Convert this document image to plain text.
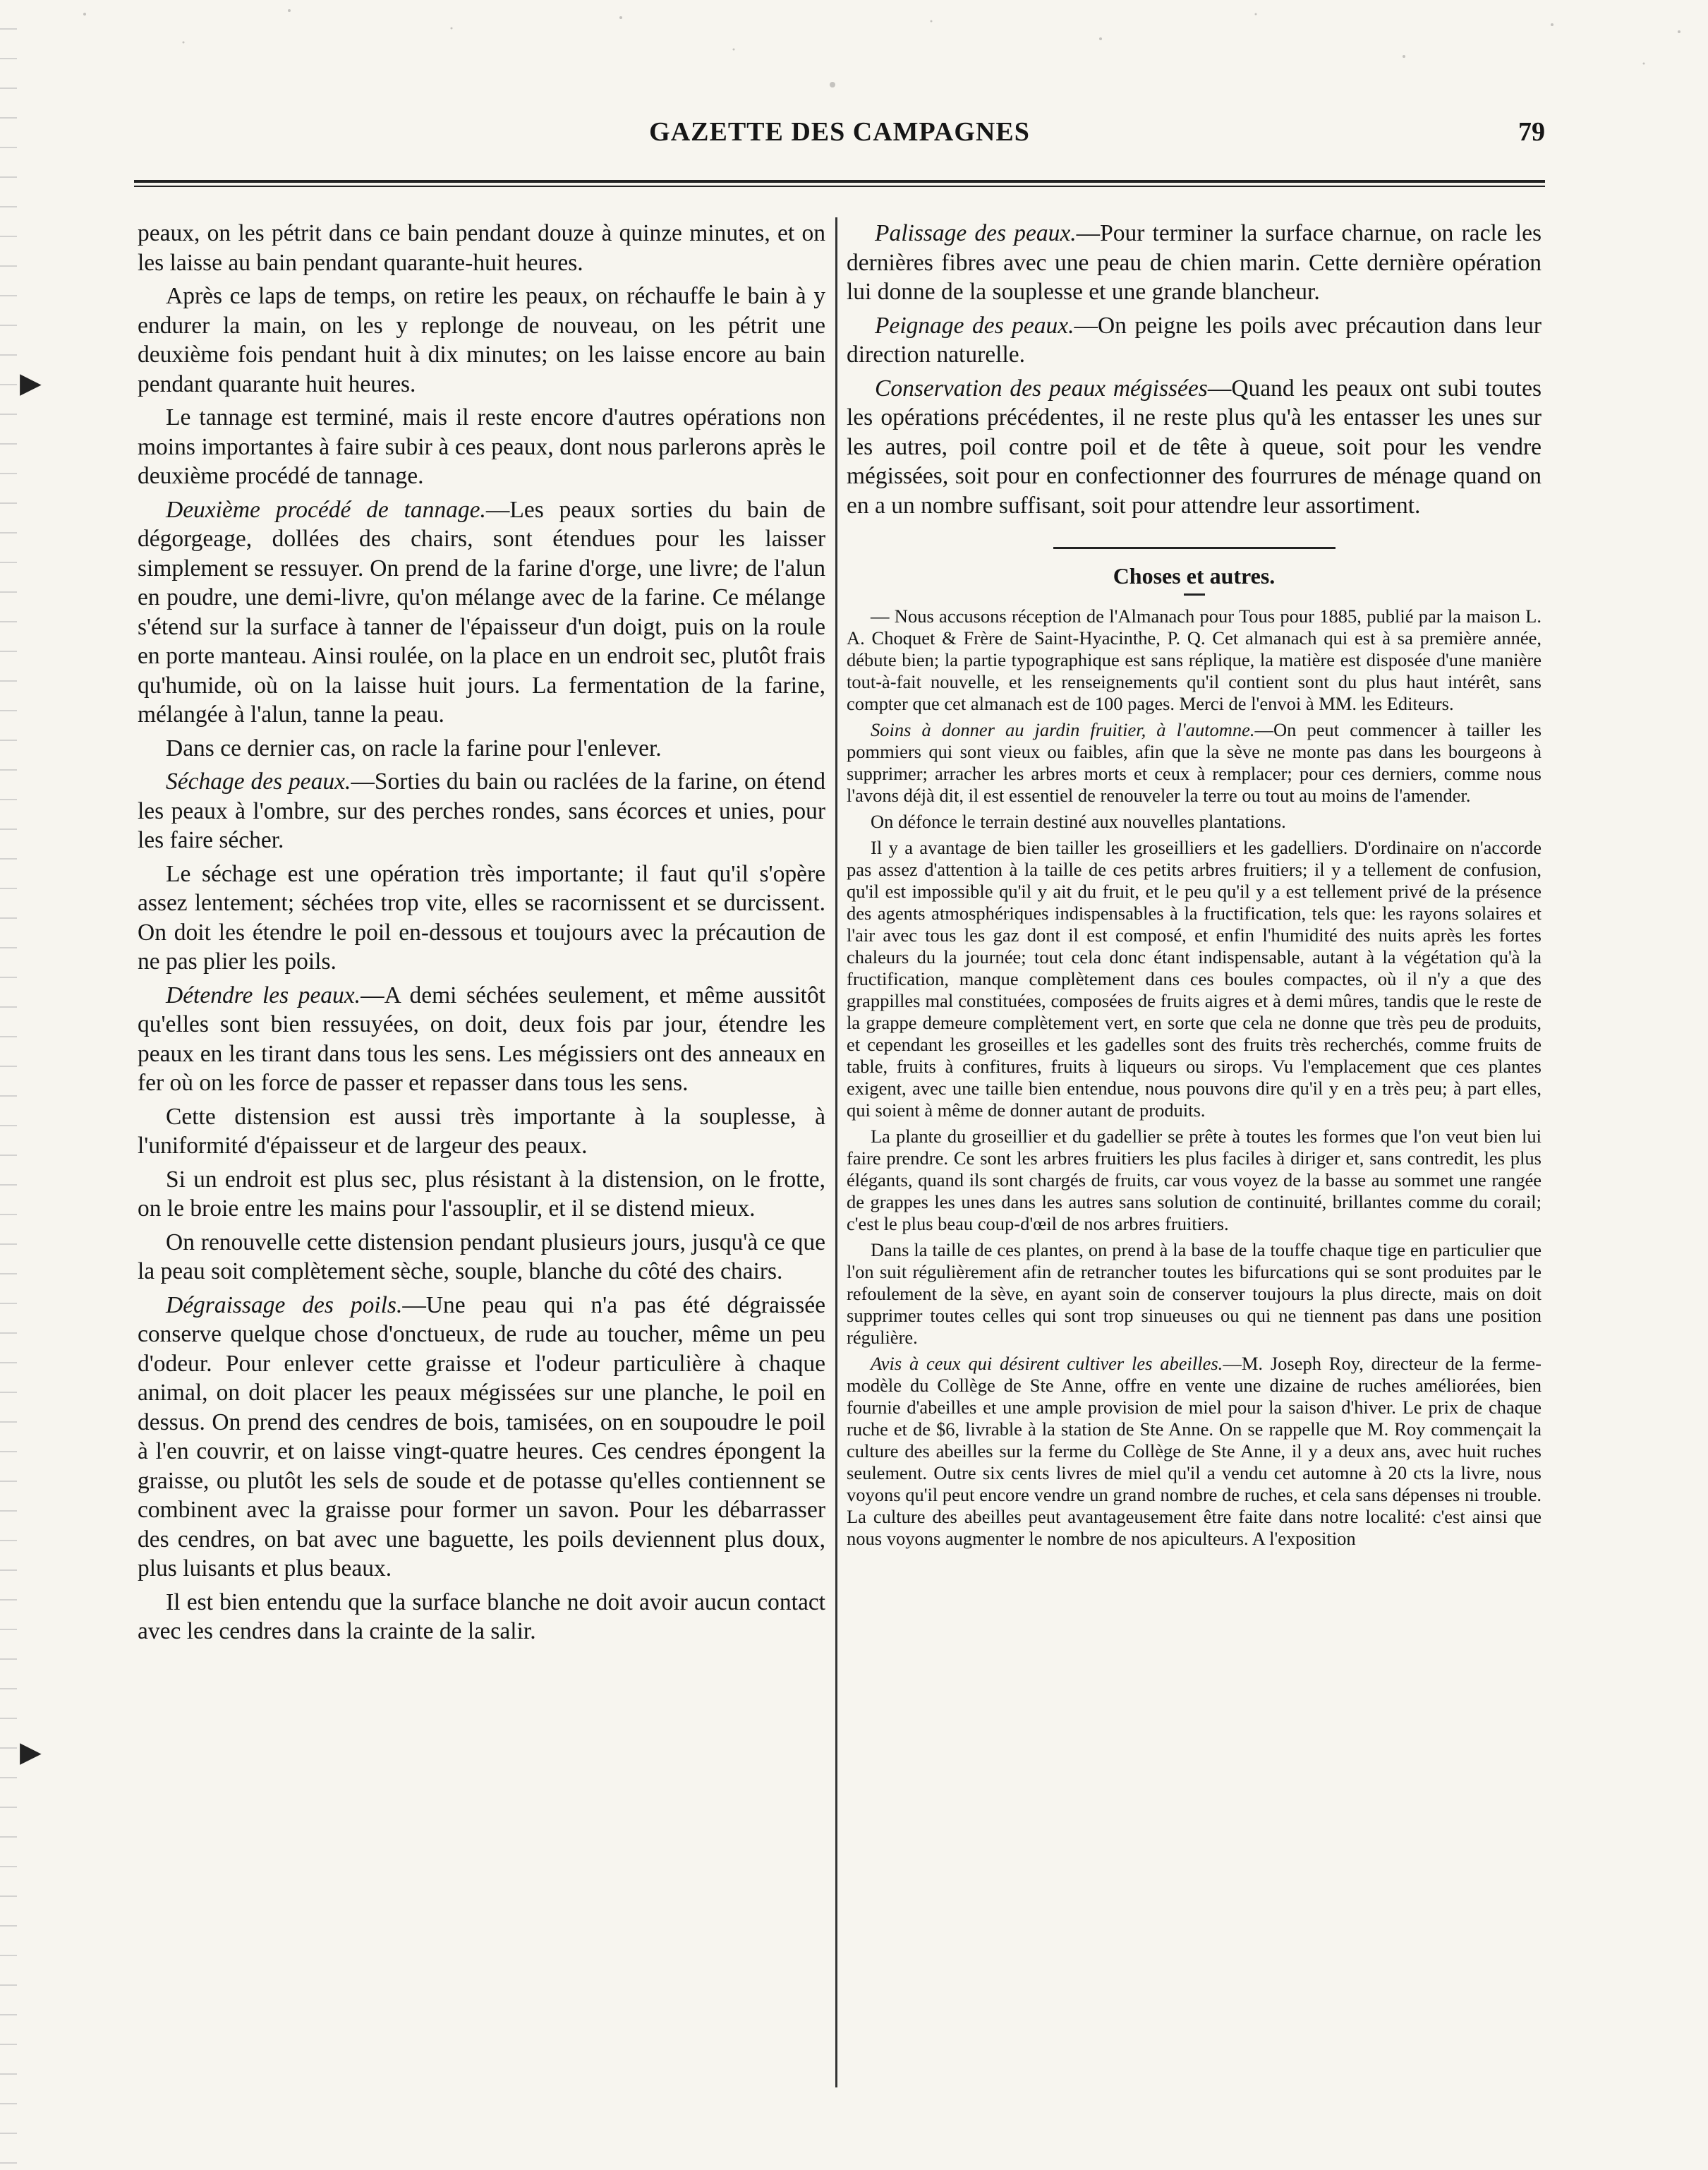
GAZETTE DES CAMPAGNES	79
▶
▶

peaux, on les pétrit dans ce bain pendant douze à quinze minutes, et on les laisse au bain pendant quarante-huit heures.

Après ce laps de temps, on retire les peaux, on réchauffe le bain à y endurer la main, on les y replonge de nouveau, on les pétrit une deuxième fois pendant huit à dix minutes; on les laisse encore au bain pendant quarante huit heures.

Le tannage est terminé, mais il reste encore d'autres opérations non moins importantes à faire subir à ces peaux, dont nous parlerons après le deuxième procédé de tannage.

Deuxième procédé de tannage.—Les peaux sorties du bain de dégorgeage, dollées des chairs, sont étendues pour les laisser simplement se ressuyer. On prend de la farine d'orge, une livre; de l'alun en poudre, une demi-livre, qu'on mélange avec de la farine. Ce mélange s'étend sur la surface à tanner de l'épaisseur d'un doigt, puis on la roule en porte manteau. Ainsi roulée, on la place en un endroit sec, plutôt frais qu'humide, où on la laisse huit jours. La fermentation de la farine, mélangée à l'alun, tanne la peau.

Dans ce dernier cas, on racle la farine pour l'enlever.

Séchage des peaux.—Sorties du bain ou raclées de la farine, on étend les peaux à l'ombre, sur des perches rondes, sans écorces et unies, pour les faire sécher.

Le séchage est une opération très importante; il faut qu'il s'opère assez lentement; séchées trop vite, elles se racornissent et se durcissent. On doit les étendre le poil en-dessous et toujours avec la précaution de ne pas plier les poils.

Détendre les peaux.—A demi séchées seulement, et même aussitôt qu'elles sont bien ressuyées, on doit, deux fois par jour, étendre les peaux en les tirant dans tous les sens. Les mégissiers ont des anneaux en fer où on les force de passer et repasser dans tous les sens.

Cette distension est aussi très importante à la souplesse, à l'uniformité d'épaisseur et de largeur des peaux.

Si un endroit est plus sec, plus résistant à la distension, on le frotte, on le broie entre les mains pour l'assouplir, et il se distend mieux.

On renouvelle cette distension pendant plusieurs jours, jusqu'à ce que la peau soit complètement sèche, souple, blanche du côté des chairs.

Dégraissage des poils.—Une peau qui n'a pas été dégraissée conserve quelque chose d'onctueux, de rude au toucher, même un peu d'odeur. Pour enlever cette graisse et l'odeur particulière à chaque animal, on doit placer les peaux mégissées sur une planche, le poil en dessus. On prend des cendres de bois, tamisées, on en soupoudre le poil à l'en couvrir, et on laisse vingt-quatre heures. Ces cendres épongent la graisse, ou plutôt les sels de soude et de potasse qu'elles contiennent se combinent avec la graisse pour former un savon. Pour les débarrasser des cendres, on bat avec une baguette, les poils deviennent plus doux, plus luisants et plus beaux.

Il est bien entendu que la surface blanche ne doit avoir aucun contact avec les cendres dans la crainte de la salir.

Palissage des peaux.—Pour terminer la surface charnue, on racle les dernières fibres avec une peau de chien marin. Cette dernière opération lui donne de la souplesse et une grande blancheur.

Peignage des peaux.—On peigne les poils avec précaution dans leur direction naturelle.

Conservation des peaux mégissées—Quand les peaux ont subi toutes les opérations précédentes, il ne reste plus qu'à les entasser les unes sur les autres, poil contre poil et de tête à queue, soit pour les vendre mégissées, soit pour en confectionner des fourrures de ménage quand on en a un nombre suffisant, soit pour attendre leur assortiment.

Choses et autres.

— Nous accusons réception de l'Almanach pour Tous pour 1885, publié par la maison L. A. Choquet & Frère de Saint-Hyacinthe, P. Q. Cet almanach qui est à sa première année, débute bien; la partie typographique est sans réplique, la matière est disposée d'une manière tout-à-fait nouvelle, et les renseignements qu'il contient sont du plus haut intérêt, sans compter que cet almanach est de 100 pages. Merci de l'envoi à MM. les Editeurs.

Soins à donner au jardin fruitier, à l'automne.—On peut commencer à tailler les pommiers qui sont vieux ou faibles, afin que la sève ne monte pas dans les bourgeons à supprimer; arracher les arbres morts et ceux à remplacer; pour ces derniers, comme nous l'avons déjà dit, il est essentiel de renouveler la terre ou tout au moins de l'amender.

On défonce le terrain destiné aux nouvelles plantations.

Il y a avantage de bien tailler les groseilliers et les gadelliers. D'ordinaire on n'accorde pas assez d'attention à la taille de ces petits arbres fruitiers; il y a tellement de confusion, qu'il est impossible qu'il y ait du fruit, et le peu qu'il y a est tellement privé de la présence des agents atmosphériques indispensables à la fructification, tels que: les rayons solaires et l'air avec tous les gaz dont il est composé, et enfin l'humidité des nuits après les fortes chaleurs du la journée; tout cela donc étant indispensable, autant à la végétation qu'à la fructification, manque complètement dans ces boules compactes, où il n'y a que des grappilles mal constituées, composées de fruits aigres et à demi mûres, tandis que le reste de la grappe demeure complètement vert, en sorte que cela ne donne que très peu de produits, et cependant les groseilles et les gadelles sont des fruits très recherchés, comme fruits de table, fruits à confitures, fruits à liqueurs ou sirops. Vu l'emplacement que ces plantes exigent, avec une taille bien entendue, nous pouvons dire qu'il y en a très peu; à part elles, qui soient à même de donner autant de produits.

La plante du groseillier et du gadellier se prête à toutes les formes que l'on veut bien lui faire prendre. Ce sont les arbres fruitiers les plus faciles à diriger et, sans contredit, les plus élégants, quand ils sont chargés de fruits, car vous voyez de la basse au sommet une rangée de grappes les unes dans les autres sans solution de continuité, brillantes comme du corail; c'est le plus beau coup-d'œil de nos arbres fruitiers.

Dans la taille de ces plantes, on prend à la base de la touffe chaque tige en particulier que l'on suit régulièrement afin de retrancher toutes les bifurcations qui se sont produites par le refoulement de la sève, en ayant soin de conserver toujours la plus directe, mais on doit supprimer toutes celles qui sont trop sinueuses ou qui ne tiennent pas dans une position régulière.

Avis à ceux qui désirent cultiver les abeilles.—M. Joseph Roy, directeur de la ferme-modèle du Collège de Ste Anne, offre en vente une dizaine de ruches améliorées, bien fournie d'abeilles et une ample provision de miel pour la saison d'hiver. Le prix de chaque ruche et de $6, livrable à la station de Ste Anne. On se rappelle que M. Roy commençait la culture des abeilles sur la ferme du Collège de Ste Anne, il y a deux ans, avec huit ruches seulement. Outre six cents livres de miel qu'il a vendu cet automne à 20 cts la livre, nous voyons qu'il peut encore vendre un grand nombre de ruches, et cela sans dépenses ni trouble. La culture des abeilles peut avantageusement être faite dans notre localité: c'est ainsi que nous voyons augmenter le nombre de nos apiculteurs. A l'exposition
